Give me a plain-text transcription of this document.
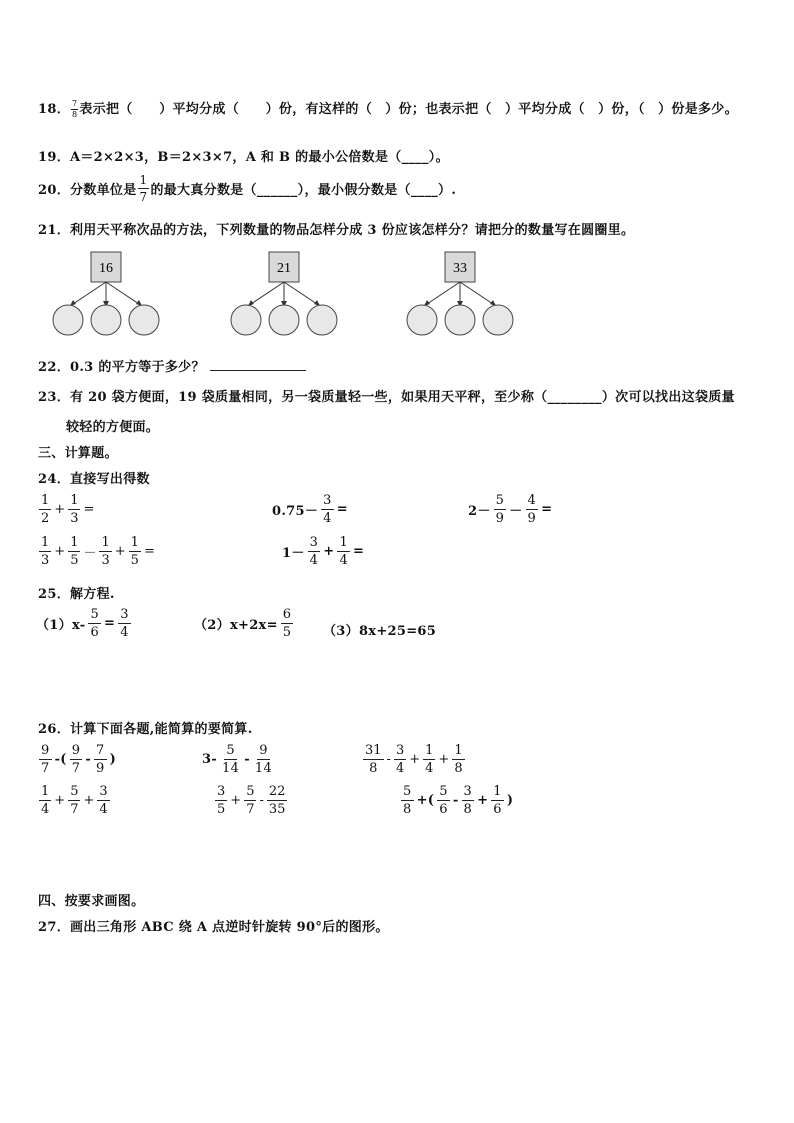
18． $\frac{7}{8}$ 表示把（　　）平均分成（　　）份，有这样的（　）份；也表示把（　）平均分成（　）份，（　）份是多少。
19．A＝2×2×3，B＝2×3×7，A 和 B 的最小公倍数是（____）。
20． 分数单位是 $\frac{1}{7}$ 的最大真分数是（______），最小假分数是（____）.
21．利用天平称次品的方法，下列数量的物品怎样分成 3 份应该怎样分？请把分的数量写在圆圈里。
16	21	33
22．0.3 的平方等于多少？
23．有 20 袋方便面，19 袋质量相同，另一袋质量轻一些，如果用天平秤，至少称（________）次可以找出这袋质量
较轻的方便面。
三、计算题。
24．直接写出得数
$\frac{1}{2} + \frac{1}{3}$ =	$0.75- \frac{3}{4}$ =	$2- \frac{5}{9} - \frac{4}{9}$ =
$\frac{1}{3} + \frac{1}{5} - \frac{1}{3} + \frac{1}{5}$ =	$1- \frac{3}{4} + \frac{1}{4}$ =
25．解方程.
$(1)x- \frac{5}{6} = \frac{3}{4}$	$(2)x+2x= \frac{6}{5} (3)8x+25=65$
26．计算下面各题,能简算的要简算.
$\frac{9}{7}$ -( $\frac{9}{7} - \frac{7}{9}$ )	$3- \frac{5}{14} - \frac{9}{14}$	$\frac{31}{8} - \frac{3}{4} + \frac{1}{4} + \frac{1}{8}$
$\frac{1}{4} + \frac{5}{7} + \frac{3}{4}$	$\frac{3}{5} + \frac{5}{7} - \frac{22}{35}$	$\frac{5}{8}$ +( $\frac{5}{6} - \frac{3}{8} + \frac{1}{6}$ )
四、按要求画图。
27．画出三角形 ABC 绕 A 点逆时针旋转 90°后的图形。
